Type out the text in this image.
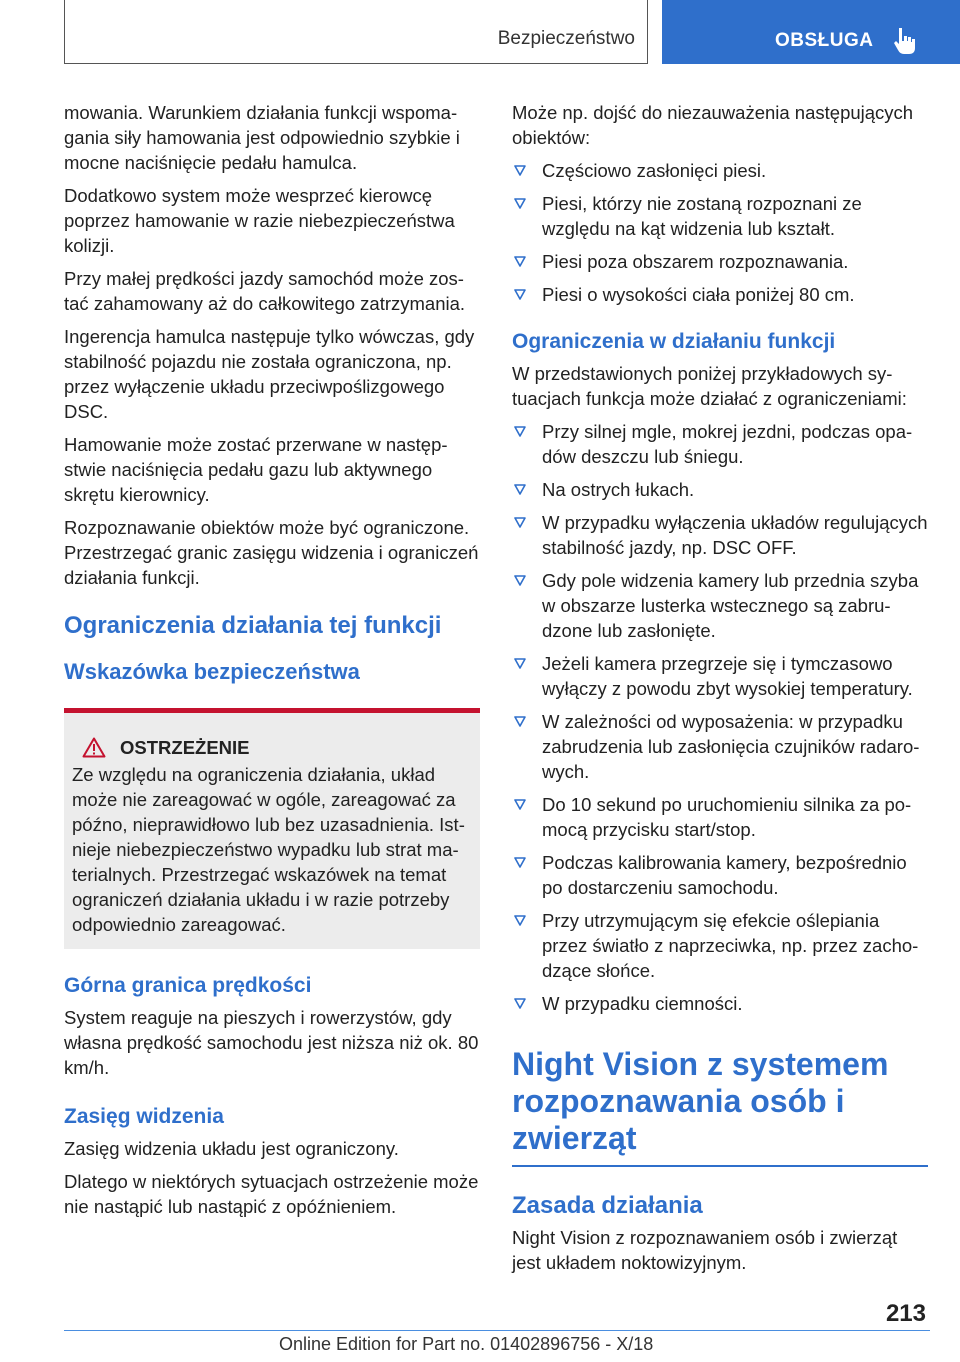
Bezpieczeństwo	OBSŁUGA

mowania. Warunkiem działania funkcji wspomagania siły hamowania jest odpowiednio szybkie i mocne naciśnięcie pedału hamulca.

Dodatkowo system może wesprzeć kierowcę poprzez hamowanie w razie niebezpieczeństwa kolizji.

Przy małej prędkości jazdy samochód może zostać zahamowany aż do całkowitego zatrzymania.

Ingerencja hamulca następuje tylko wówczas, gdy stabilność pojazdu nie została ograniczona, np. przez wyłączenie układu przeciwpoślizgowego DSC.

Hamowanie może zostać przerwane w następstwie naciśnięcia pedału gazu lub aktywnego skrętu kierownicy.

Rozpoznawanie obiektów może być ograniczone. Przestrzegać granic zasięgu widzenia i ograniczeń działania funkcji.

Ograniczenia działania tej funkcji
Wskazówka bezpieczeństwa
OSTRZEŻENIE

Ze względu na ograniczenia działania, układ może nie zareagować w ogóle, zareagować za późno, nieprawidłowo lub bez uzasadnienia. Istnieje niebezpieczeństwo wypadku lub strat materialnych. Przestrzegać wskazówek na temat ograniczeń działania układu i w razie potrzeby odpowiednio zareagować.

Górna granica prędkości

System reaguje na pieszych i rowerzystów, gdy własna prędkość samochodu jest niższa niż ok. 80 km/h.

Zasięg widzenia

Zasięg widzenia układu jest ograniczony.

Dlatego w niektórych sytuacjach ostrzeżenie może nie nastąpić lub nastąpić z opóźnieniem.

Może np. dojść do niezauważenia następujących obiektów:

Częściowo zasłonięci piesi.
Piesi, którzy nie zostaną rozpoznani ze względu na kąt widzenia lub kształt.
Piesi poza obszarem rozpoznawania.
Piesi o wysokości ciała poniżej 80 cm.
Ograniczenia w działaniu funkcji

W przedstawionych poniżej przykładowych sytuacjach funkcja może działać z ograniczeniami:

Przy silnej mgle, mokrej jezdni, podczas opadów deszczu lub śniegu.
Na ostrych łukach.
W przypadku wyłączenia układów regulujących stabilność jazdy, np. DSC OFF.
Gdy pole widzenia kamery lub przednia szyba w obszarze lusterka wstecznego są zabrudzone lub zasłonięte.
Jeżeli kamera przegrzeje się i tymczasowo wyłączy z powodu zbyt wysokiej temperatury.
W zależności od wyposażenia: w przypadku zabrudzenia lub zasłonięcia czujników radarowych.
Do 10 sekund po uruchomieniu silnika za pomocą przycisku start/stop.
Podczas kalibrowania kamery, bezpośrednio po dostarczeniu samochodu.
Przy utrzymującym się efekcie oślepiania przez światło z naprzeciwka, np. przez zachodzące słońce.
W przypadku ciemności.
Night Vision z systemem rozpoznawania osób i zwierząt
Zasada działania

Night Vision z rozpoznawaniem osób i zwierząt jest układem noktowizyjnym.

213
Online Edition for Part no. 01402896756 - X/18
